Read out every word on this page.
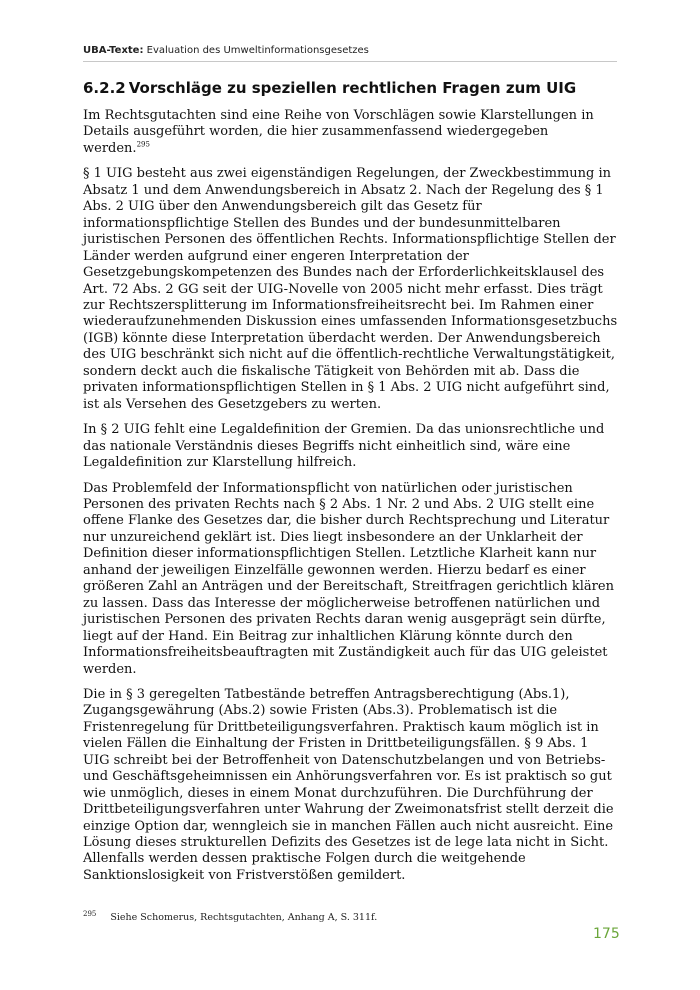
UBA-Texte: Evaluation des Umweltinformationsgesetzes
6.2.2 Vorschläge zu speziellen rechtlichen Fragen zum UIG

Im Rechtsgutachten sind eine Reihe von Vorschlägen sowie Klarstellungen in
Details ausgeführt worden, die hier zusammenfassend wiedergegeben
werden.$^{295}$

§ 1 UIG besteht aus zwei eigenständigen Regelungen, der Zweckbestimmung in
Absatz 1 und dem Anwendungsbereich in Absatz 2. Nach der Regelung des § 1
Abs. 2 UIG über den Anwendungsbereich gilt das Gesetz für
informationspflichtige Stellen des Bundes und der bundesunmittelbaren
juristischen Personen des öffentlichen Rechts. Informationspflichtige Stellen der
Länder werden aufgrund einer engeren Interpretation der
Gesetzgebungskompetenzen des Bundes nach der Erforderlichkeitsklausel des
Art. 72 Abs. 2 GG seit der UIG-Novelle von 2005 nicht mehr erfasst. Dies trägt
zur Rechtszersplitterung im Informationsfreiheitsrecht bei. Im Rahmen einer
wiederaufzunehmenden Diskussion eines umfassenden Informationsgesetzbuchs
(IGB) könnte diese Interpretation überdacht werden. Der Anwendungsbereich
des UIG beschränkt sich nicht auf die öffentlich-rechtliche Verwaltungstätigkeit,
sondern deckt auch die fiskalische Tätigkeit von Behörden mit ab. Dass die
privaten informationspflichtigen Stellen in § 1 Abs. 2 UIG nicht aufgeführt sind,
ist als Versehen des Gesetzgebers zu werten.

In § 2 UIG fehlt eine Legaldefinition der Gremien. Da das unionsrechtliche und
das nationale Verständnis dieses Begriffs nicht einheitlich sind, wäre eine
Legaldefinition zur Klarstellung hilfreich.

Das Problemfeld der Informationspflicht von natürlichen oder juristischen
Personen des privaten Rechts nach § 2 Abs. 1 Nr. 2 und Abs. 2 UIG stellt eine
offene Flanke des Gesetzes dar, die bisher durch Rechtsprechung und Literatur
nur unzureichend geklärt ist. Dies liegt insbesondere an der Unklarheit der
Definition dieser informationspflichtigen Stellen. Letztliche Klarheit kann nur
anhand der jeweiligen Einzelfälle gewonnen werden. Hierzu bedarf es einer
größeren Zahl an Anträgen und der Bereitschaft, Streitfragen gerichtlich klären
zu lassen. Dass das Interesse der möglicherweise betroffenen natürlichen und
juristischen Personen des privaten Rechts daran wenig ausgeprägt sein dürfte,
liegt auf der Hand. Ein Beitrag zur inhaltlichen Klärung könnte durch den
Informationsfreiheitsbeauftragten mit Zuständigkeit auch für das UIG geleistet
werden.

Die in § 3 geregelten Tatbestände betreffen Antragsberechtigung (Abs.1),
Zugangsgewährung (Abs.2) sowie Fristen (Abs.3). Problematisch ist die
Fristenregelung für Drittbeteiligungsverfahren. Praktisch kaum möglich ist in
vielen Fällen die Einhaltung der Fristen in Drittbeteiligungsfällen. § 9 Abs. 1
UIG schreibt bei der Betroffenheit von Datenschutzbelangen und von Betriebs-
und Geschäftsgeheimnissen ein Anhörungsverfahren vor. Es ist praktisch so gut
wie unmöglich, dieses in einem Monat durchzuführen. Die Durchführung der
Drittbeteiligungsverfahren unter Wahrung der Zweimonatsfrist stellt derzeit die
einzige Option dar, wenngleich sie in manchen Fällen auch nicht ausreicht. Eine
Lösung dieses strukturellen Defizits des Gesetzes ist de lege lata nicht in Sicht.
Allenfalls werden dessen praktische Folgen durch die weitgehende
Sanktionslosigkeit von Fristverstößen gemildert.

$^{295}$ Siehe Schomerus, Rechtsgutachten, Anhang A, S. 311f.
175
